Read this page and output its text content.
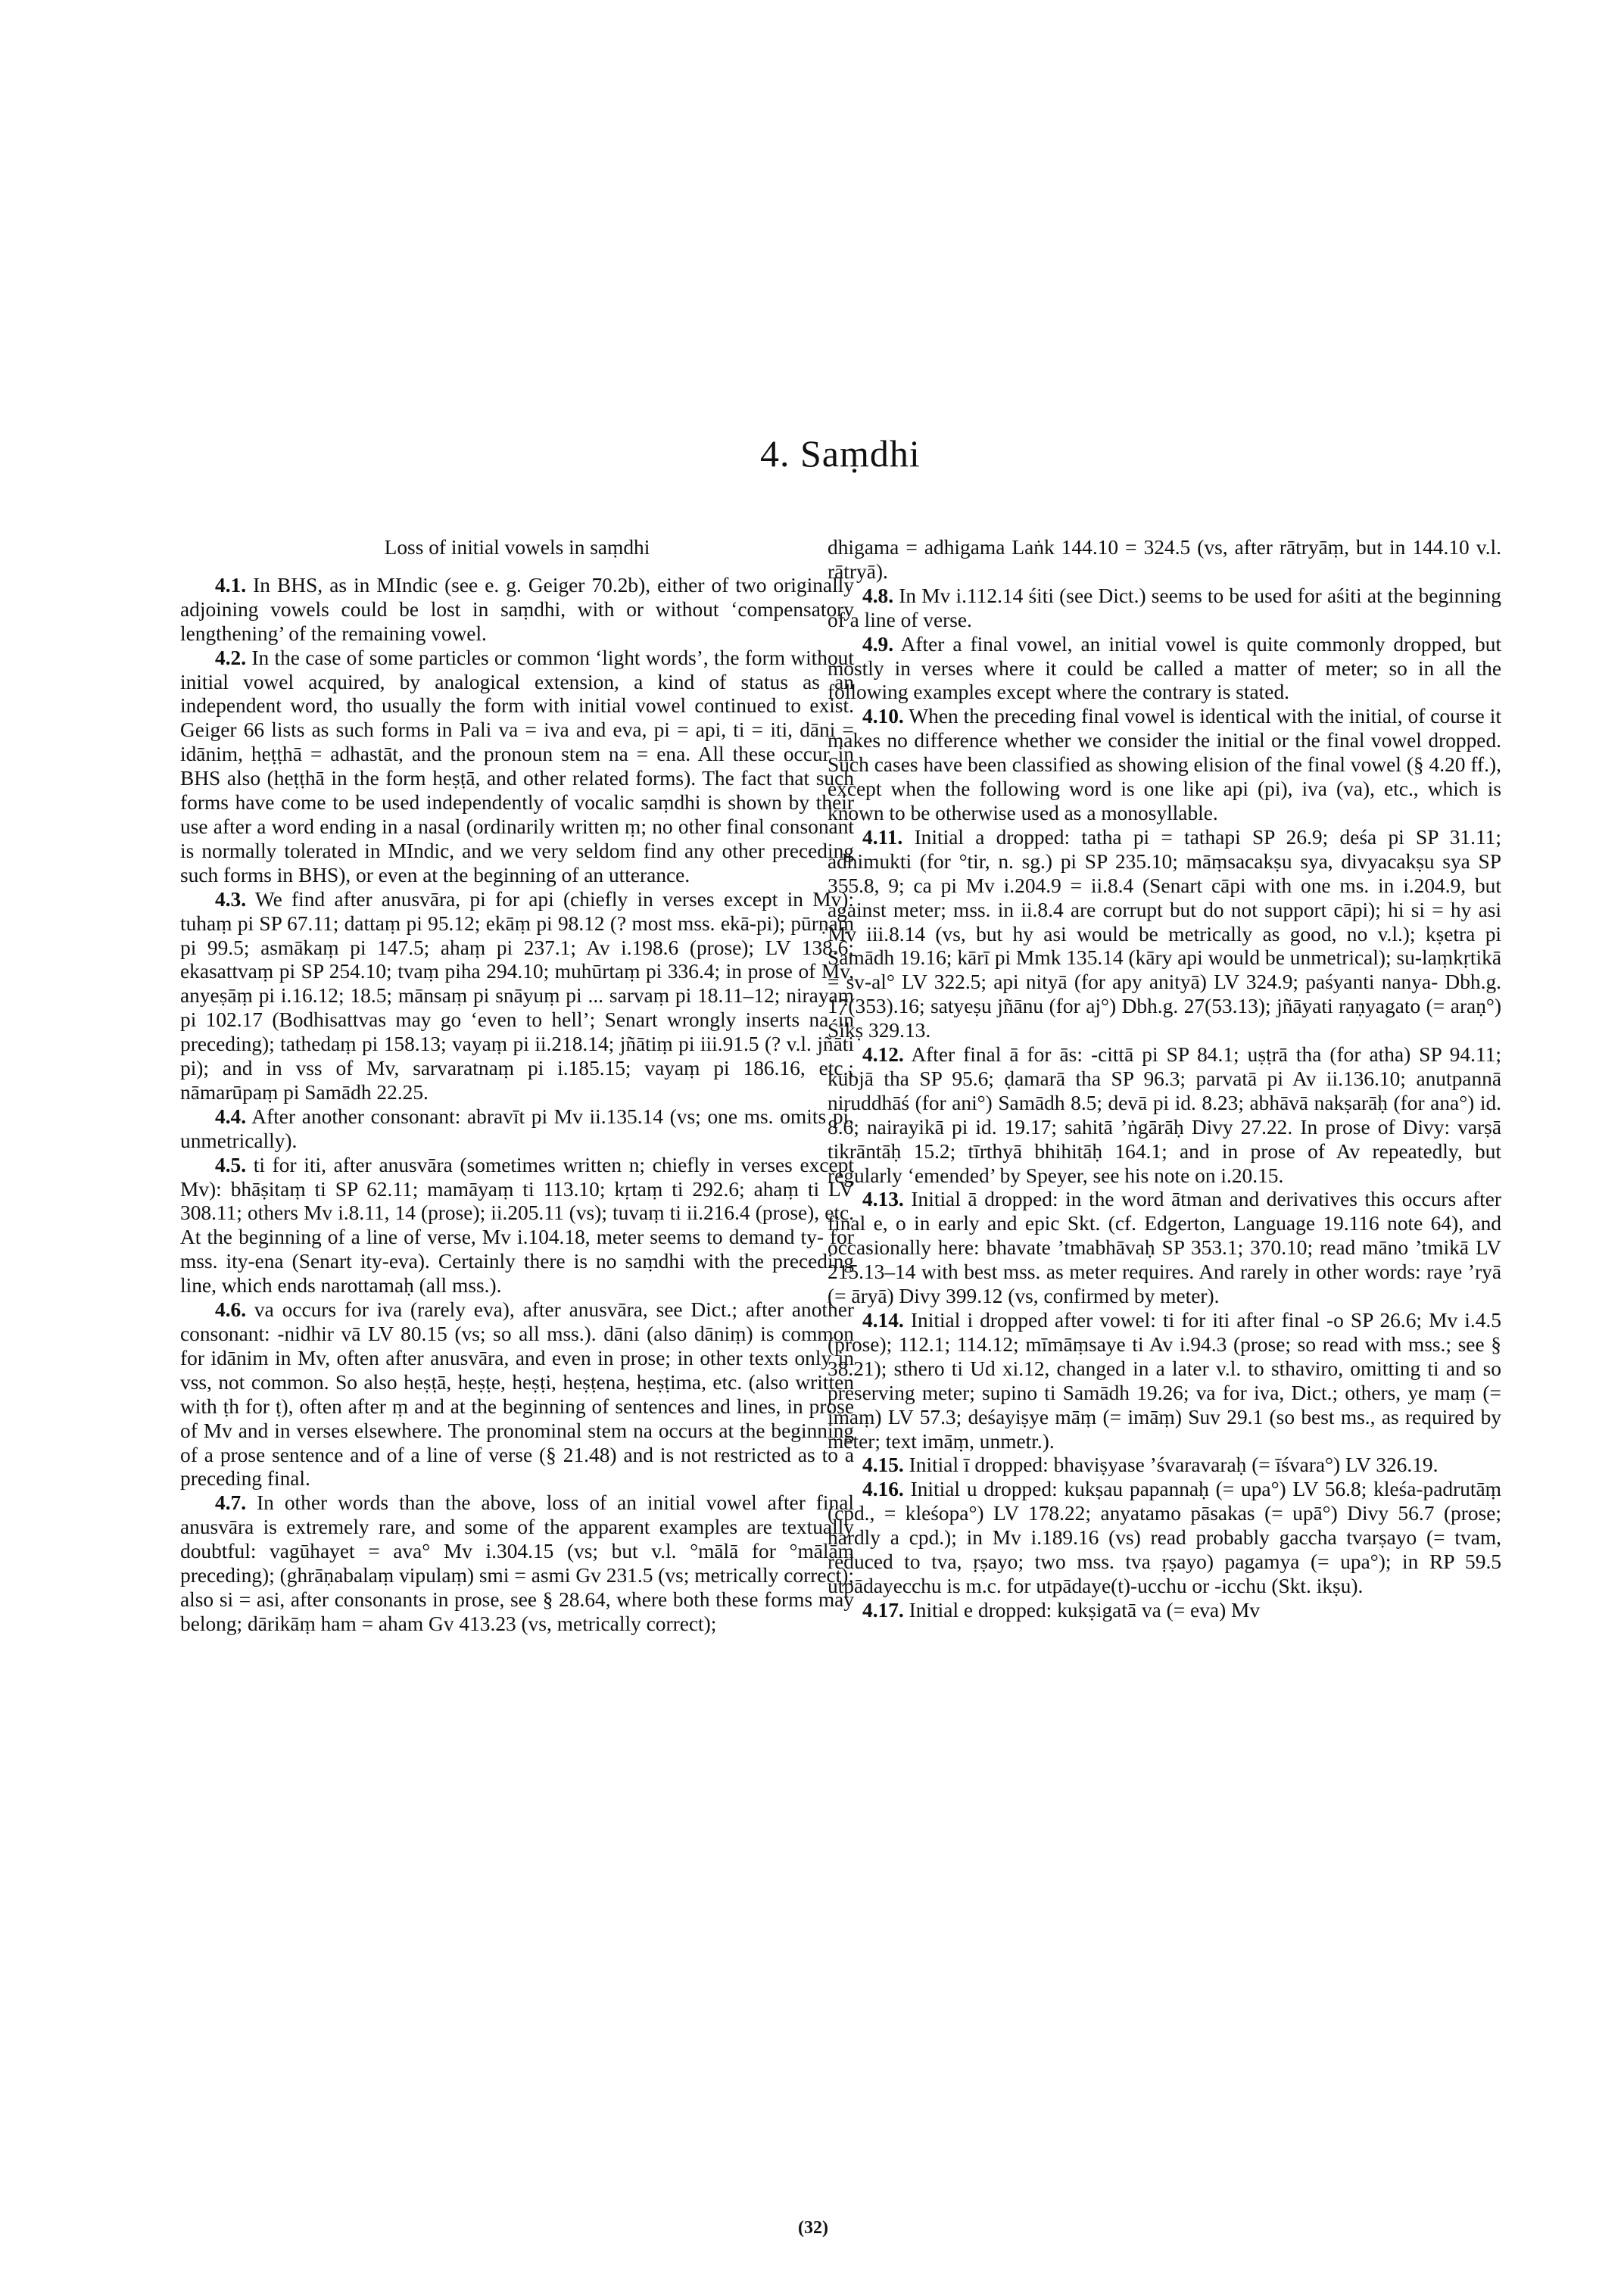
4. Saṃdhi
Loss of initial vowels in saṃdhi

4.1. In BHS, as in MIndic (see e. g. Geiger 70.2b), either of two originally adjoining vowels could be lost in saṃdhi, with or without ‘compensatory lengthening’ of the remaining vowel.

4.2. In the case of some particles or common ‘light words’, the form without initial vowel acquired, by analogical extension, a kind of status as an independent word, tho usually the form with initial vowel continued to exist. Geiger 66 lists as such forms in Pali va = iva and eva, pi = api, ti = iti, dāni = idānim, heṭṭhā = adhastāt, and the pronoun stem na = ena. All these occur in BHS also (heṭṭhā in the form heṣṭā, and other related forms). The fact that such forms have come to be used independently of vocalic saṃdhi is shown by their use after a word ending in a nasal (ordinarily written ṃ; no other final consonant is normally tolerated in MIndic, and we very seldom find any other preceding such forms in BHS), or even at the beginning of an utterance.

4.3. We find after anusvāra, pi for api (chiefly in verses except in Mv): tuhaṃ pi SP 67.11; dattaṃ pi 95.12; ekāṃ pi 98.12 (? most mss. ekā-pi); pūrṇaṃ pi 99.5; asmākaṃ pi 147.5; ahaṃ pi 237.1; Av i.198.6 (prose); LV 138.6; ekasattvaṃ pi SP 254.10; tvaṃ piha 294.10; muhūrtaṃ pi 336.4; in prose of Mv, anyeṣāṃ pi i.16.12; 18.5; mānsaṃ pi snāyuṃ pi ... sarvaṃ pi 18.11–12; nirayaṃ pi 102.17 (Bodhisattvas may go ‘even to hell’; Senart wrongly inserts na in preceding); tathedaṃ pi 158.13; vayaṃ pi ii.218.14; jñātiṃ pi iii.91.5 (? v.l. jñāti pi); and in vss of Mv, sarvaratnaṃ pi i.185.15; vayaṃ pi 186.16, etc.; nāmarūpaṃ pi Samādh 22.25.

4.4. After another consonant: abravīt pi Mv ii.135.14 (vs; one ms. omits pi, unmetrically).

4.5. ti for iti, after anusvāra (sometimes written n; chiefly in verses except Mv): bhāṣitaṃ ti SP 62.11; mamāyaṃ ti 113.10; kṛtaṃ ti 292.6; ahaṃ ti LV 308.11; others Mv i.8.11, 14 (prose); ii.205.11 (vs); tuvaṃ ti ii.216.4 (prose), etc. At the beginning of a line of verse, Mv i.104.18, meter seems to demand ty- for mss. ity-ena (Senart ity-eva). Certainly there is no saṃdhi with the preceding line, which ends narottamaḥ (all mss.).

4.6. va occurs for iva (rarely eva), after anusvāra, see Dict.; after another consonant: -nidhir vā LV 80.15 (vs; so all mss.). dāni (also dāniṃ) is common for idānim in Mv, often after anusvāra, and even in prose; in other texts only in vss, not common. So also heṣṭā, heṣṭe, heṣṭi, heṣṭena, heṣṭima, etc. (also written with ṭh for ṭ), often after ṃ and at the beginning of sentences and lines, in prose of Mv and in verses elsewhere. The pronominal stem na occurs at the beginning of a prose sentence and of a line of verse (§ 21.48) and is not restricted as to a preceding final.

4.7. In other words than the above, loss of an initial vowel after final anusvāra is extremely rare, and some of the apparent examples are textually doubtful: vagūhayet = ava° Mv i.304.15 (vs; but v.l. °mālā for °mālāṃ preceding); (ghrāṇabalaṃ vipulaṃ) smi = asmi Gv 231.5 (vs; metrically correct); also si = asi, after consonants in prose, see § 28.64, where both these forms may belong; dārikāṃ ham = aham Gv 413.23 (vs, metrically correct);

dhigama = adhigama Laṅk 144.10 = 324.5 (vs, after rātryāṃ, but in 144.10 v.l. rātryā).

4.8. In Mv i.112.14 śiti (see Dict.) seems to be used for aśiti at the beginning of a line of verse.

4.9. After a final vowel, an initial vowel is quite commonly dropped, but mostly in verses where it could be called a matter of meter; so in all the following examples except where the contrary is stated.

4.10. When the preceding final vowel is identical with the initial, of course it makes no difference whether we consider the initial or the final vowel dropped. Such cases have been classified as showing elision of the final vowel (§ 4.20 ff.), except when the following word is one like api (pi), iva (va), etc., which is known to be otherwise used as a monosyllable.

4.11. Initial a dropped: tatha pi = tathapi SP 26.9; deśa pi SP 31.11; adhimukti (for °tir, n. sg.) pi SP 235.10; māṃsacakṣu sya, divyacakṣu sya SP 355.8, 9; ca pi Mv i.204.9 = ii.8.4 (Senart cāpi with one ms. in i.204.9, but against meter; mss. in ii.8.4 are corrupt but do not support cāpi); hi si = hy asi Mv iii.8.14 (vs, but hy asi would be metrically as good, no v.l.); kṣetra pi Samādh 19.16; kārī pi Mmk 135.14 (kāry api would be unmetrical); su-laṃkṛtikā = sv-al° LV 322.5; api nityā (for apy anityā) LV 324.9; paśyanti nanya- Dbh.g. 17(353).16; satyeṣu jñānu (for aj°) Dbh.g. 27(53.13); jñāyati raṇyagato (= araṇ°) Śikṣ 329.13.

4.12. After final ā for ās: -cittā pi SP 84.1; uṣṭrā tha (for atha) SP 94.11; kubjā tha SP 95.6; ḍamarā tha SP 96.3; parvatā pi Av ii.136.10; anutpannā niruddhāś (for ani°) Samādh 8.5; devā pi id. 8.23; abhāvā nakṣarāḥ (for ana°) id. 8.6; nairayikā pi id. 19.17; sahitā ’ṅgārāḥ Divy 27.22. In prose of Divy: varṣā tikrāntāḥ 15.2; tīrthyā bhihitāḥ 164.1; and in prose of Av repeatedly, but regularly ‘emended’ by Speyer, see his note on i.20.15.

4.13. Initial ā dropped: in the word ātman and derivatives this occurs after final e, o in early and epic Skt. (cf. Edgerton, Language 19.116 note 64), and occasionally here: bhavate ’tmabhāvaḥ SP 353.1; 370.10; read māno ’tmikā LV 215.13–14 with best mss. as meter requires. And rarely in other words: raye ’ryā (= āryā) Divy 399.12 (vs, confirmed by meter).

4.14. Initial i dropped after vowel: ti for iti after final -o SP 26.6; Mv i.4.5 (prose); 112.1; 114.12; mīmāṃsaye ti Av i.94.3 (prose; so read with mss.; see § 38.21); sthero ti Ud xi.12, changed in a later v.l. to sthaviro, omitting ti and so preserving meter; supino ti Samādh 19.26; va for iva, Dict.; others, ye maṃ (= imaṃ) LV 57.3; deśayiṣye māṃ (= imāṃ) Suv 29.1 (so best ms., as required by meter; text imāṃ, unmetr.).

4.15. Initial ī dropped: bhaviṣyase ’śvaravaraḥ (= īśvara°) LV 326.19.

4.16. Initial u dropped: kukṣau papannaḥ (= upa°) LV 56.8; kleśa-padrutāṃ (cpd., = kleśopa°) LV 178.22; anyatamo pāsakas (= upā°) Divy 56.7 (prose; hardly a cpd.); in Mv i.189.16 (vs) read probably gaccha tvarṣayo (= tvam, reduced to tva, ṛṣayo; two mss. tva ṛṣayo) pagamya (= upa°); in RP 59.5 utpādayecchu is m.c. for utpādaye(t)-ucchu or -icchu (Skt. ikṣu).

4.17. Initial e dropped: kukṣigatā va (= eva) Mv

(32)
